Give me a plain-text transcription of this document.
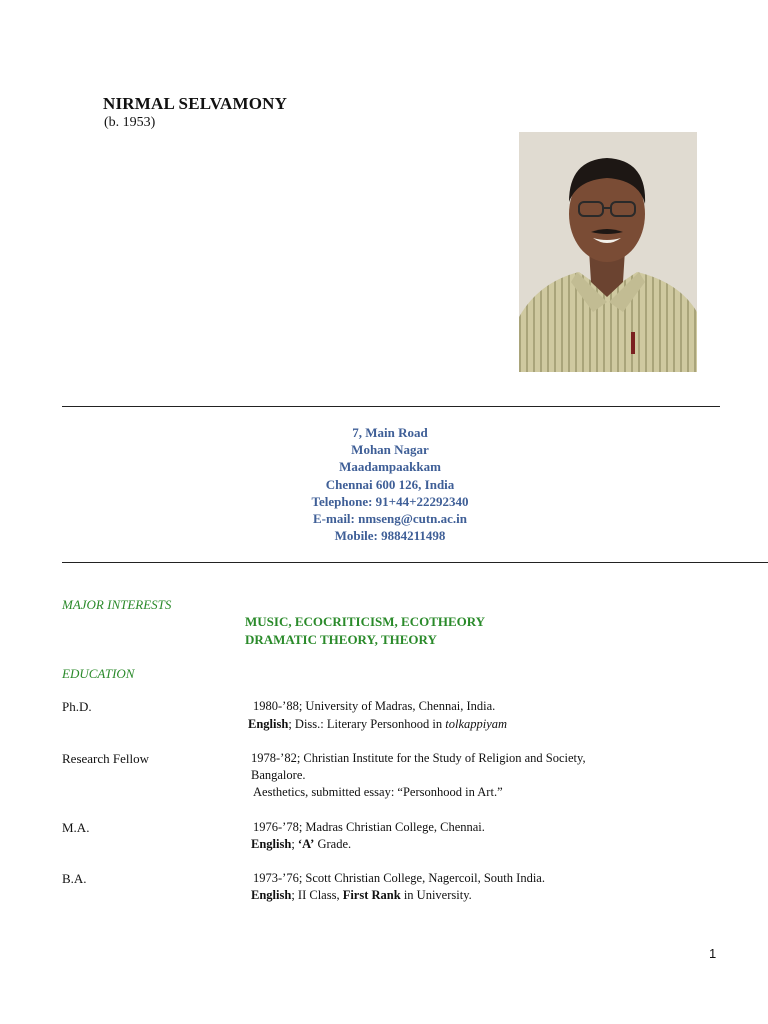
NIRMAL SELVAMONY
(b. 1953)
7, Main Road
Mohan Nagar
Maadampaakkam
Chennai 600 126, India
Telephone: 91+44+22292340
E-mail: nmseng@cutn.ac.in
Mobile: 9884211498
MAJOR INTERESTS
MUSIC, ECOCRITICISM, ECOTHEORY
DRAMATIC THEORY, THEORY
EDUCATION
Ph.D.	1980-’88; University of Madras, Chennai, India.
English; Diss.: Literary Personhood in tolkappiyam
Research Fellow	1978-’82; Christian Institute for the Study of Religion and Society,
Bangalore.
Aesthetics, submitted essay: “Personhood in Art.”
M.A.	1976-’78; Madras Christian College, Chennai.
English; ‘A’ Grade.
B.A.	1973-’76; Scott Christian College, Nagercoil, South India.
English; II Class, First Rank in University.
1
